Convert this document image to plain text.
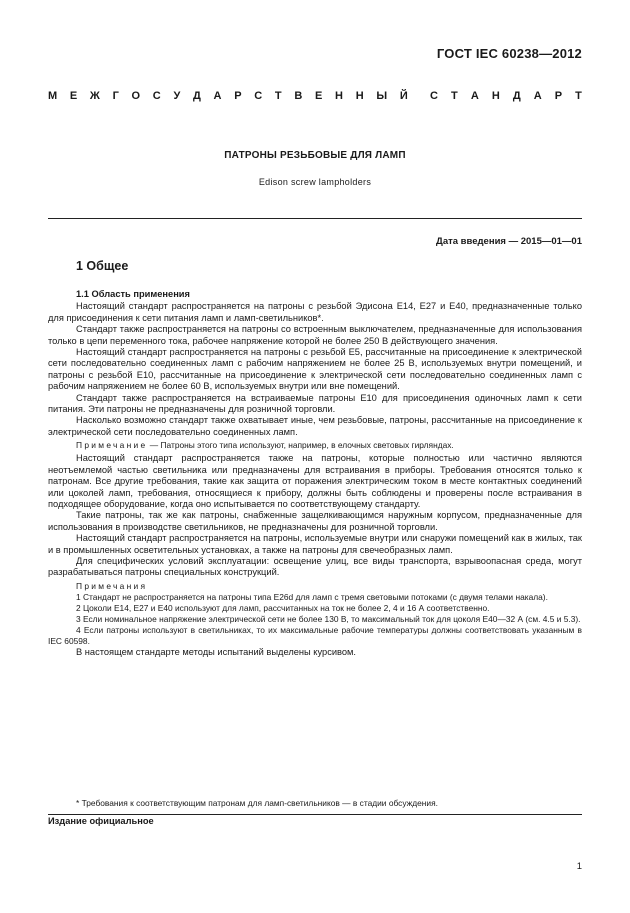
ГОСТ IEC 60238—2012
М Е Ж Г О С У Д А Р С Т В Е Н Н Ы Й С Т А Н Д А Р Т
ПАТРОНЫ РЕЗЬБОВЫЕ ДЛЯ ЛАМП
Edison screw lampholders
Дата введения — 2015—01—01
1 Общее

1.1 Область применения

Настоящий стандарт распространяется на патроны с резьбой Эдисона E14, E27 и E40, предназначенные только для присоединения к сети питания ламп и ламп-светильников*.

Стандарт также распространяется на патроны со встроенным выключателем, предназначенные для использования только в цепи переменного тока, рабочее напряжение которой не более 250 В действующего значения.

Настоящий стандарт распространяется на патроны с резьбой E5, рассчитанные на присоединение к электрической сети последовательно соединенных ламп с рабочим напряжением не более 25 В, используемых внутри помещений, и патроны с резьбой E10, рассчитанные на присоединение к электрической сети последовательно соединенных ламп с рабочим напряжением не более 60 В, используемых внутри или вне помещений.

Стандарт также распространяется на встраиваемые патроны E10 для присоединения одиночных ламп к сети питания. Эти патроны не предназначены для розничной торговли.

Насколько возможно стандарт также охватывает иные, чем резьбовые, патроны, рассчитанные на присоединение к электрической сети последовательно соединенных ламп.

Примечание — Патроны этого типа используют, например, в елочных световых гирляндах.

Настоящий стандарт распространяется также на патроны, которые полностью или частично являются неотъемлемой частью светильника или предназначены для встраивания в приборы. Требования относятся только к патронам. Все другие требования, такие как защита от поражения электрическим током в месте контактных соединений или цоколей ламп, требования, относящиеся к прибору, должны быть соблюдены и проверены после встраивания в подходящее оборудование, когда оно испытывается по соответствующему стандарту.

Такие патроны, так же как патроны, снабженные защелкивающимся наружным корпусом, предназначенные для использования в производстве светильников, не предназначены для розничной торговли.

Настоящий стандарт распространяется на патроны, используемые внутри или снаружи помещений как в жилых, так и в промышленных осветительных установках, а также на патроны для свечеобразных ламп.

Для специфических условий эксплуатации: освещение улиц, все виды транспорта, взрывоопасная среда, могут разрабатываться патроны специальных конструкций.

Примечания

1 Стандарт не распространяется на патроны типа E26d для ламп с тремя световыми потоками (с двумя телами накала).

2 Цоколи E14, E27 и E40 используют для ламп, рассчитанных на ток не более 2, 4 и 16 А соответственно.

3 Если номинальное напряжение электрической сети не более 130 В, то максимальный ток для цоколя E40—32 А (см. 4.5 и 5.3).

4 Если патроны используют в светильниках, то их максимальные рабочие температуры должны соответствовать указанным в IEC 60598.

В настоящем стандарте методы испытаний выделены курсивом.

* Требования к соответствующим патронам для ламп-светильников — в стадии обсуждения.
Издание официальное
1
